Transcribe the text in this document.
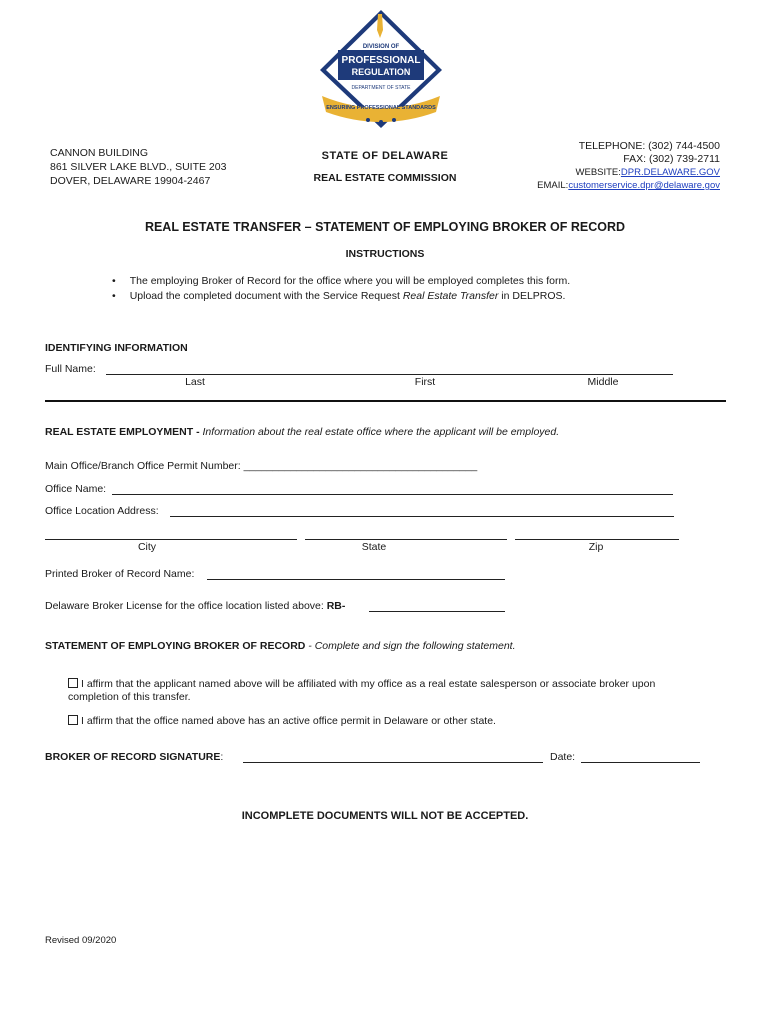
DIVISION OF
PROFESSIONAL
REGULATION
DEPARTMENT OF STATE
ENSURING PROFESSIONAL STANDARDS
CANNON BUILDING
861 SILVER LAKE BLVD., SUITE 203
DOVER, DELAWARE 19904-2467
STATE OF DELAWARE
REAL ESTATE COMMISSION
TELEPHONE: (302) 744-4500
FAX: (302) 739-2711
WEBSITE:DPR.DELAWARE.GOV
EMAIL:customerservice.dpr@delaware.gov
REAL ESTATE TRANSFER – STATEMENT OF EMPLOYING BROKER OF RECORD
INSTRUCTIONS
• The employing Broker of Record for the office where you will be employed completes this form.
• Upload the completed document with the Service Request Real Estate Transfer in DELPROS.
IDENTIFYING INFORMATION
Full Name:
Last	First	Middle
REAL ESTATE EMPLOYMENT - Information about the real estate office where the applicant will be employed.
Main Office/Branch Office Permit Number: ________________________________________
Office Name:
Office Location Address:
City	State	Zip
Printed Broker of Record Name:
Delaware Broker License for the office location listed above: RB-
STATEMENT OF EMPLOYING BROKER OF RECORD - Complete and sign the following statement.
I affirm that the applicant named above will be affiliated with my office as a real estate salesperson or associate broker upon
completion of this transfer.
I affirm that the office named above has an active office permit in Delaware or other state.
BROKER OF RECORD SIGNATURE:	Date:
INCOMPLETE DOCUMENTS WILL NOT BE ACCEPTED.
Revised 09/2020
